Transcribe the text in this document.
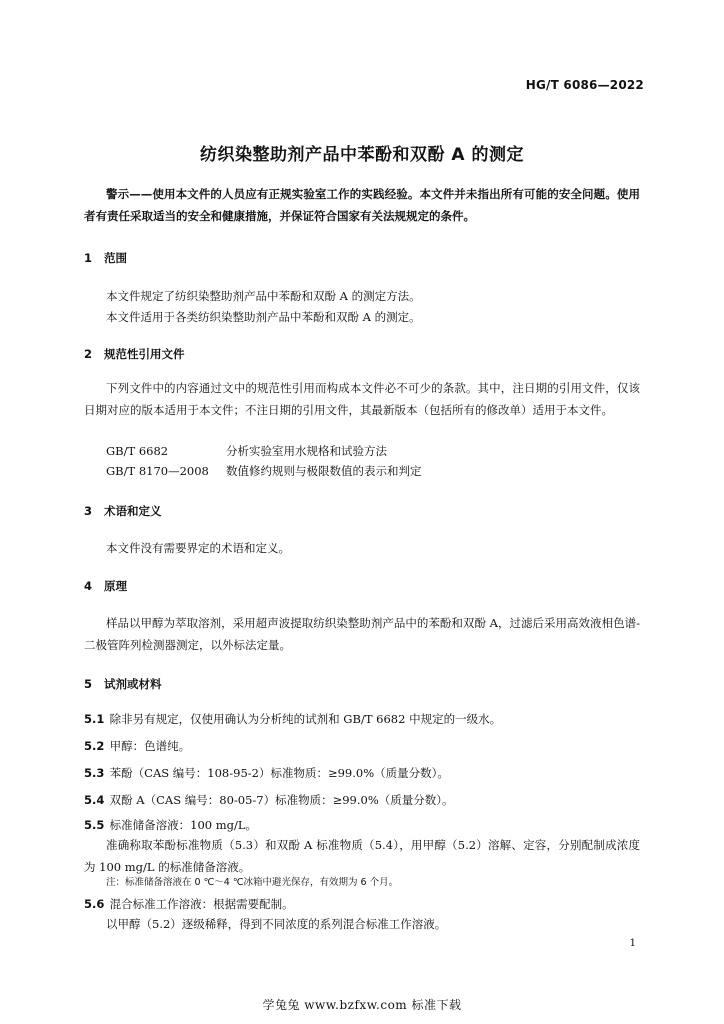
HG/T 6086—2022
纺织染整助剂产品中苯酚和双酚 A 的测定
警示——使用本文件的人员应有正规实验室工作的实践经验。本文件并未指出所有可能的安全问题。使用者有责任采取适当的安全和健康措施，并保证符合国家有关法规规定的条件。
1 范围
本文件规定了纺织染整助剂产品中苯酚和双酚 A 的测定方法。
本文件适用于各类纺织染整助剂产品中苯酚和双酚 A 的测定。
2 规范性引用文件
下列文件中的内容通过文中的规范性引用而构成本文件必不可少的条款。其中，注日期的引用文件，仅该日期对应的版本适用于本文件；不注日期的引用文件，其最新版本（包括所有的修改单）适用于本文件。
GB/T 6682	分析实验室用水规格和试验方法
GB/T 8170—2008 数值修约规则与极限数值的表示和判定
3 术语和定义
本文件没有需要界定的术语和定义。
4 原理
样品以甲醇为萃取溶剂，采用超声波提取纺织染整助剂产品中的苯酚和双酚 A，过滤后采用高效液相色谱-二极管阵列检测器测定，以外标法定量。
5 试剂或材料
5.1 除非另有规定，仅使用确认为分析纯的试剂和 GB/T 6682 中规定的一级水。
5.2 甲醇：色谱纯。
5.3 苯酚（CAS 编号：108-95-2）标准物质：≥99.0%（质量分数）。
5.4 双酚 A（CAS 编号：80-05-7）标准物质：≥99.0%（质量分数）。
5.5 标准储备溶液：100 mg/L。
准确称取苯酚标准物质（5.3）和双酚 A 标准物质（5.4），用甲醇（5.2）溶解、定容，分别配制成浓度为 100 mg/L 的标准储备溶液。
注：标准储备溶液在 0 ℃～4 ℃冰箱中避光保存，有效期为 6 个月。
5.6 混合标准工作溶液：根据需要配制。
以甲醇（5.2）逐级稀释，得到不同浓度的系列混合标准工作溶液。
1
学兔兔 www.bzfxw.com 标准下载
